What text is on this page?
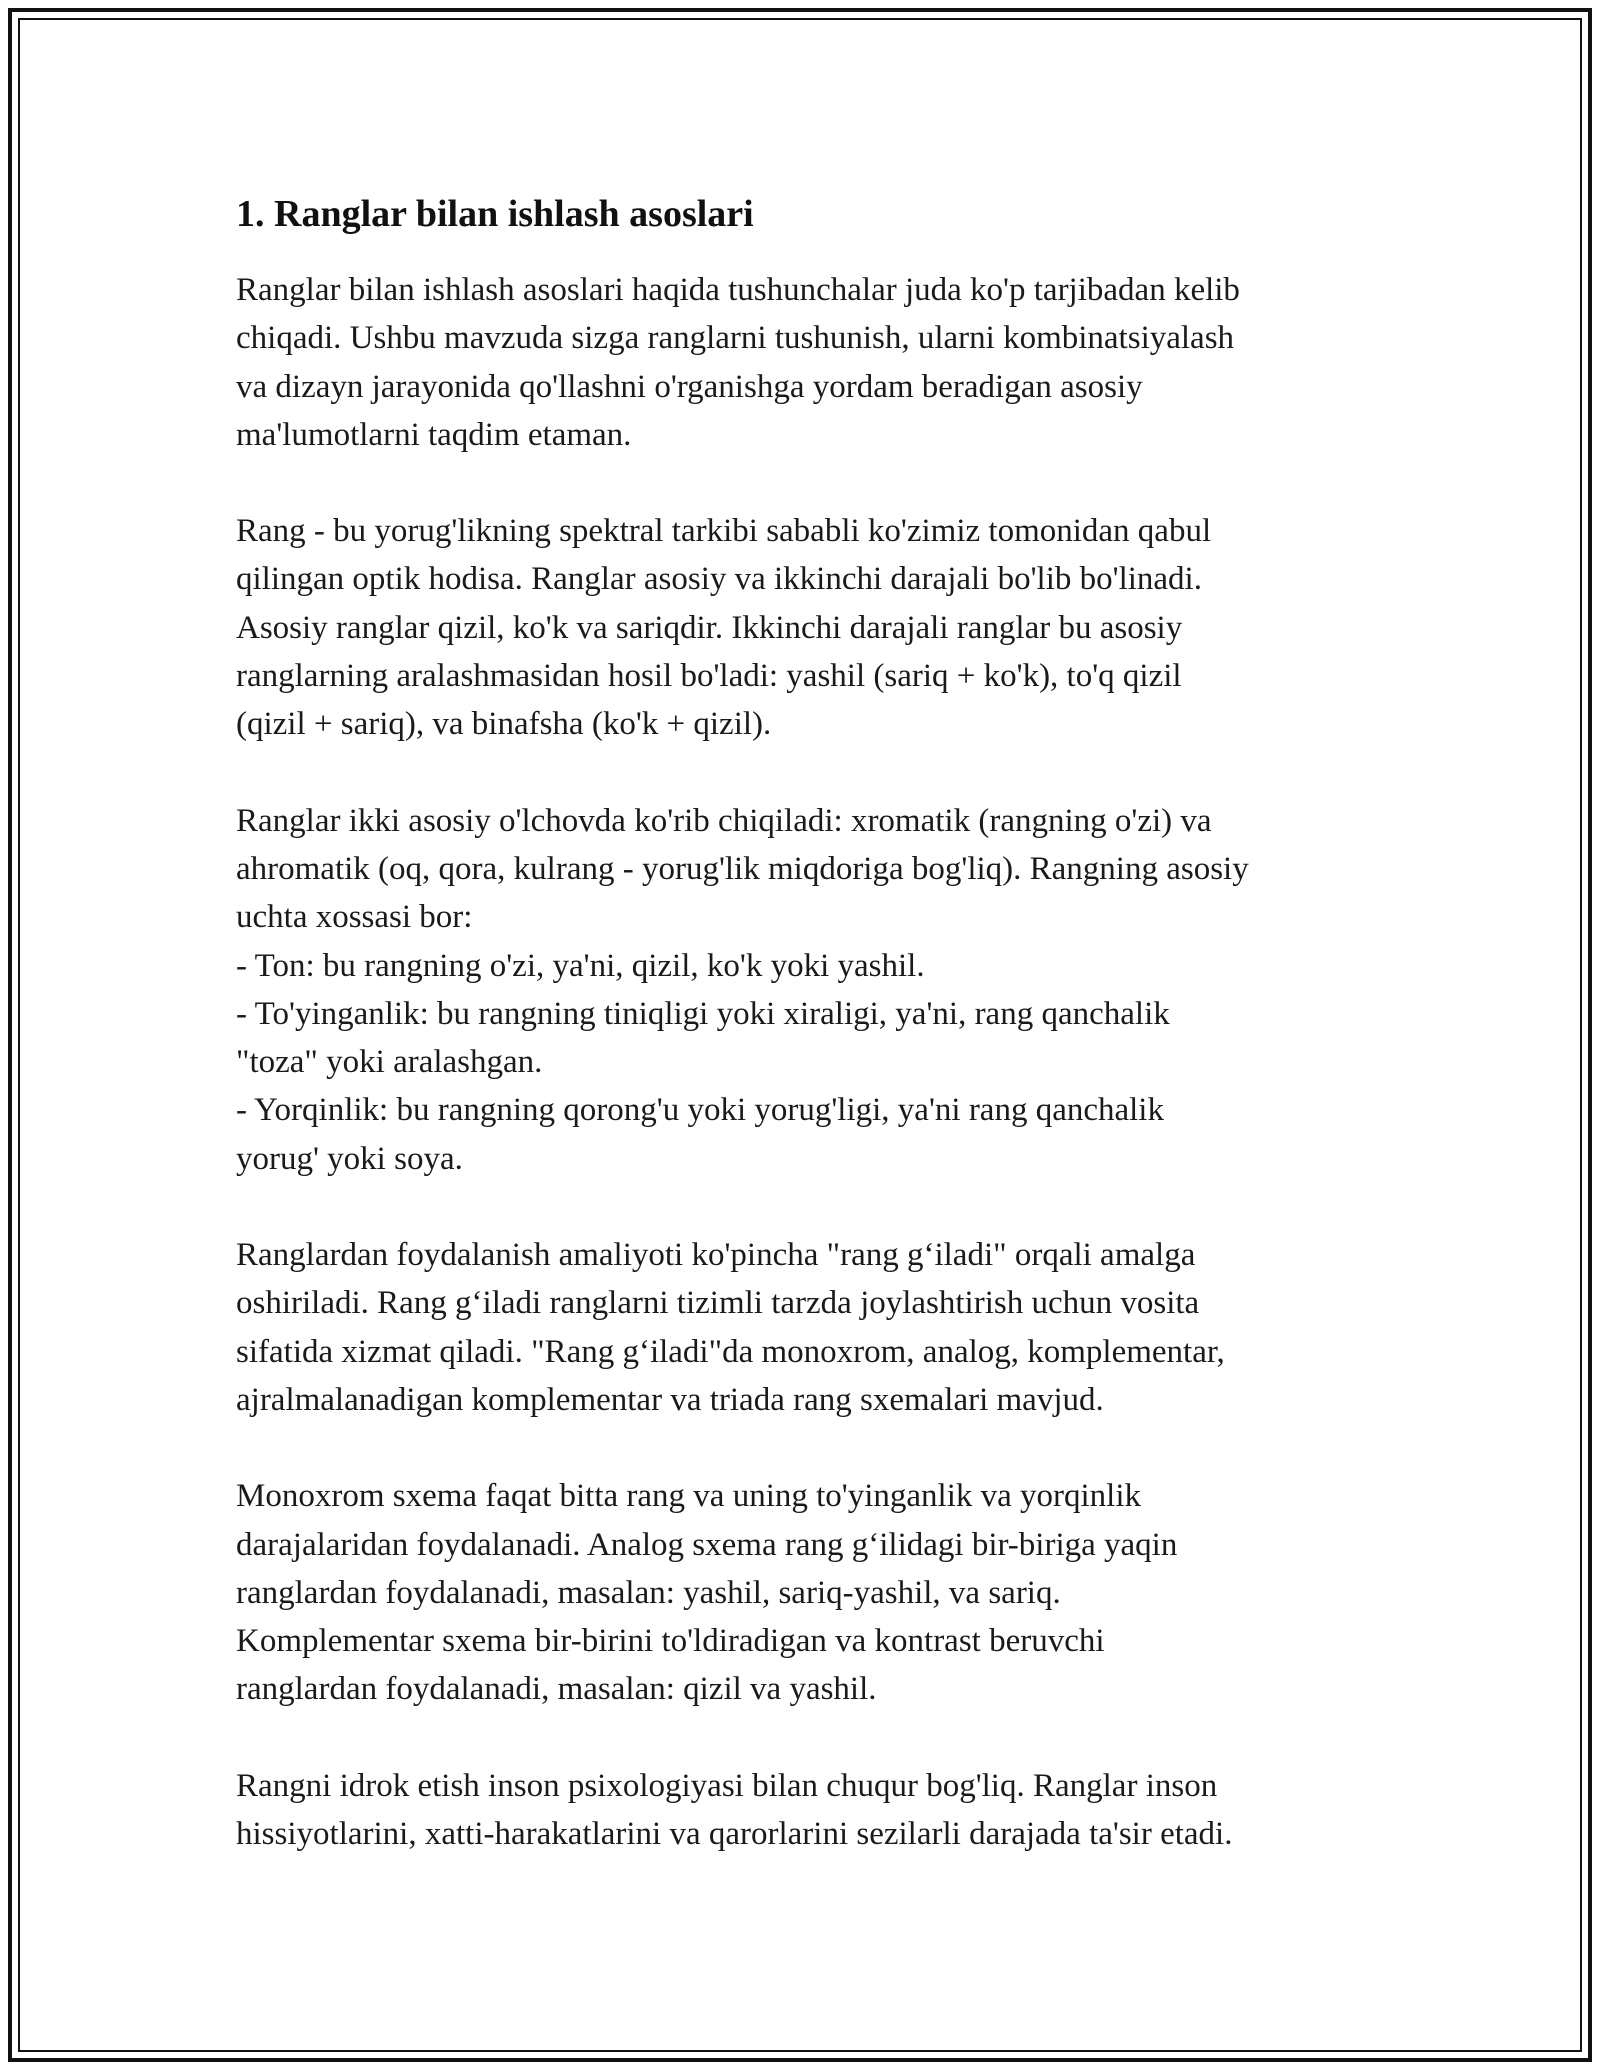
1. Ranglar bilan ishlash asoslari

Ranglar bilan ishlash asoslari haqida tushunchalar juda ko'p tarjibadan kelib
chiqadi. Ushbu mavzuda sizga ranglarni tushunish, ularni kombinatsiyalash
va dizayn jarayonida qo'llashni o'rganishga yordam beradigan asosiy
ma'lumotlarni taqdim etaman.

Rang - bu yorug'likning spektral tarkibi sababli ko'zimiz tomonidan qabul
qilingan optik hodisa. Ranglar asosiy va ikkinchi darajali bo'lib bo'linadi.
Asosiy ranglar qizil, ko'k va sariqdir. Ikkinchi darajali ranglar bu asosiy
ranglarning aralashmasidan hosil bo'ladi: yashil (sariq + ko'k), to'q qizil
(qizil + sariq), va binafsha (ko'k + qizil).

Ranglar ikki asosiy o'lchovda ko'rib chiqiladi: xromatik (rangning o'zi) va
ahromatik (oq, qora, kulrang - yorug'lik miqdoriga bog'liq). Rangning asosiy
uchta xossasi bor:
- Ton: bu rangning o'zi, ya'ni, qizil, ko'k yoki yashil.
- To'yinganlik: bu rangning tiniqligi yoki xiraligi, ya'ni, rang qanchalik
"toza" yoki aralashgan.
- Yorqinlik: bu rangning qorong'u yoki yorug'ligi, ya'ni rang qanchalik
yorug' yoki soya.

Ranglardan foydalanish amaliyoti ko'pincha "rang g‘iladi" orqali amalga
oshiriladi. Rang g‘iladi ranglarni tizimli tarzda joylashtirish uchun vosita
sifatida xizmat qiladi. "Rang g‘iladi"da monoxrom, analog, komplementar,
ajralmalanadigan komplementar va triada rang sxemalari mavjud.

Monoxrom sxema faqat bitta rang va uning to'yinganlik va yorqinlik
darajalaridan foydalanadi. Analog sxema rang g‘ilidagi bir-biriga yaqin
ranglardan foydalanadi, masalan: yashil, sariq-yashil, va sariq.
Komplementar sxema bir-birini to'ldiradigan va kontrast beruvchi
ranglardan foydalanadi, masalan: qizil va yashil.

Rangni idrok etish inson psixologiyasi bilan chuqur bog'liq. Ranglar inson
hissiyotlarini, xatti-harakatlarini va qarorlarini sezilarli darajada ta'sir etadi.
